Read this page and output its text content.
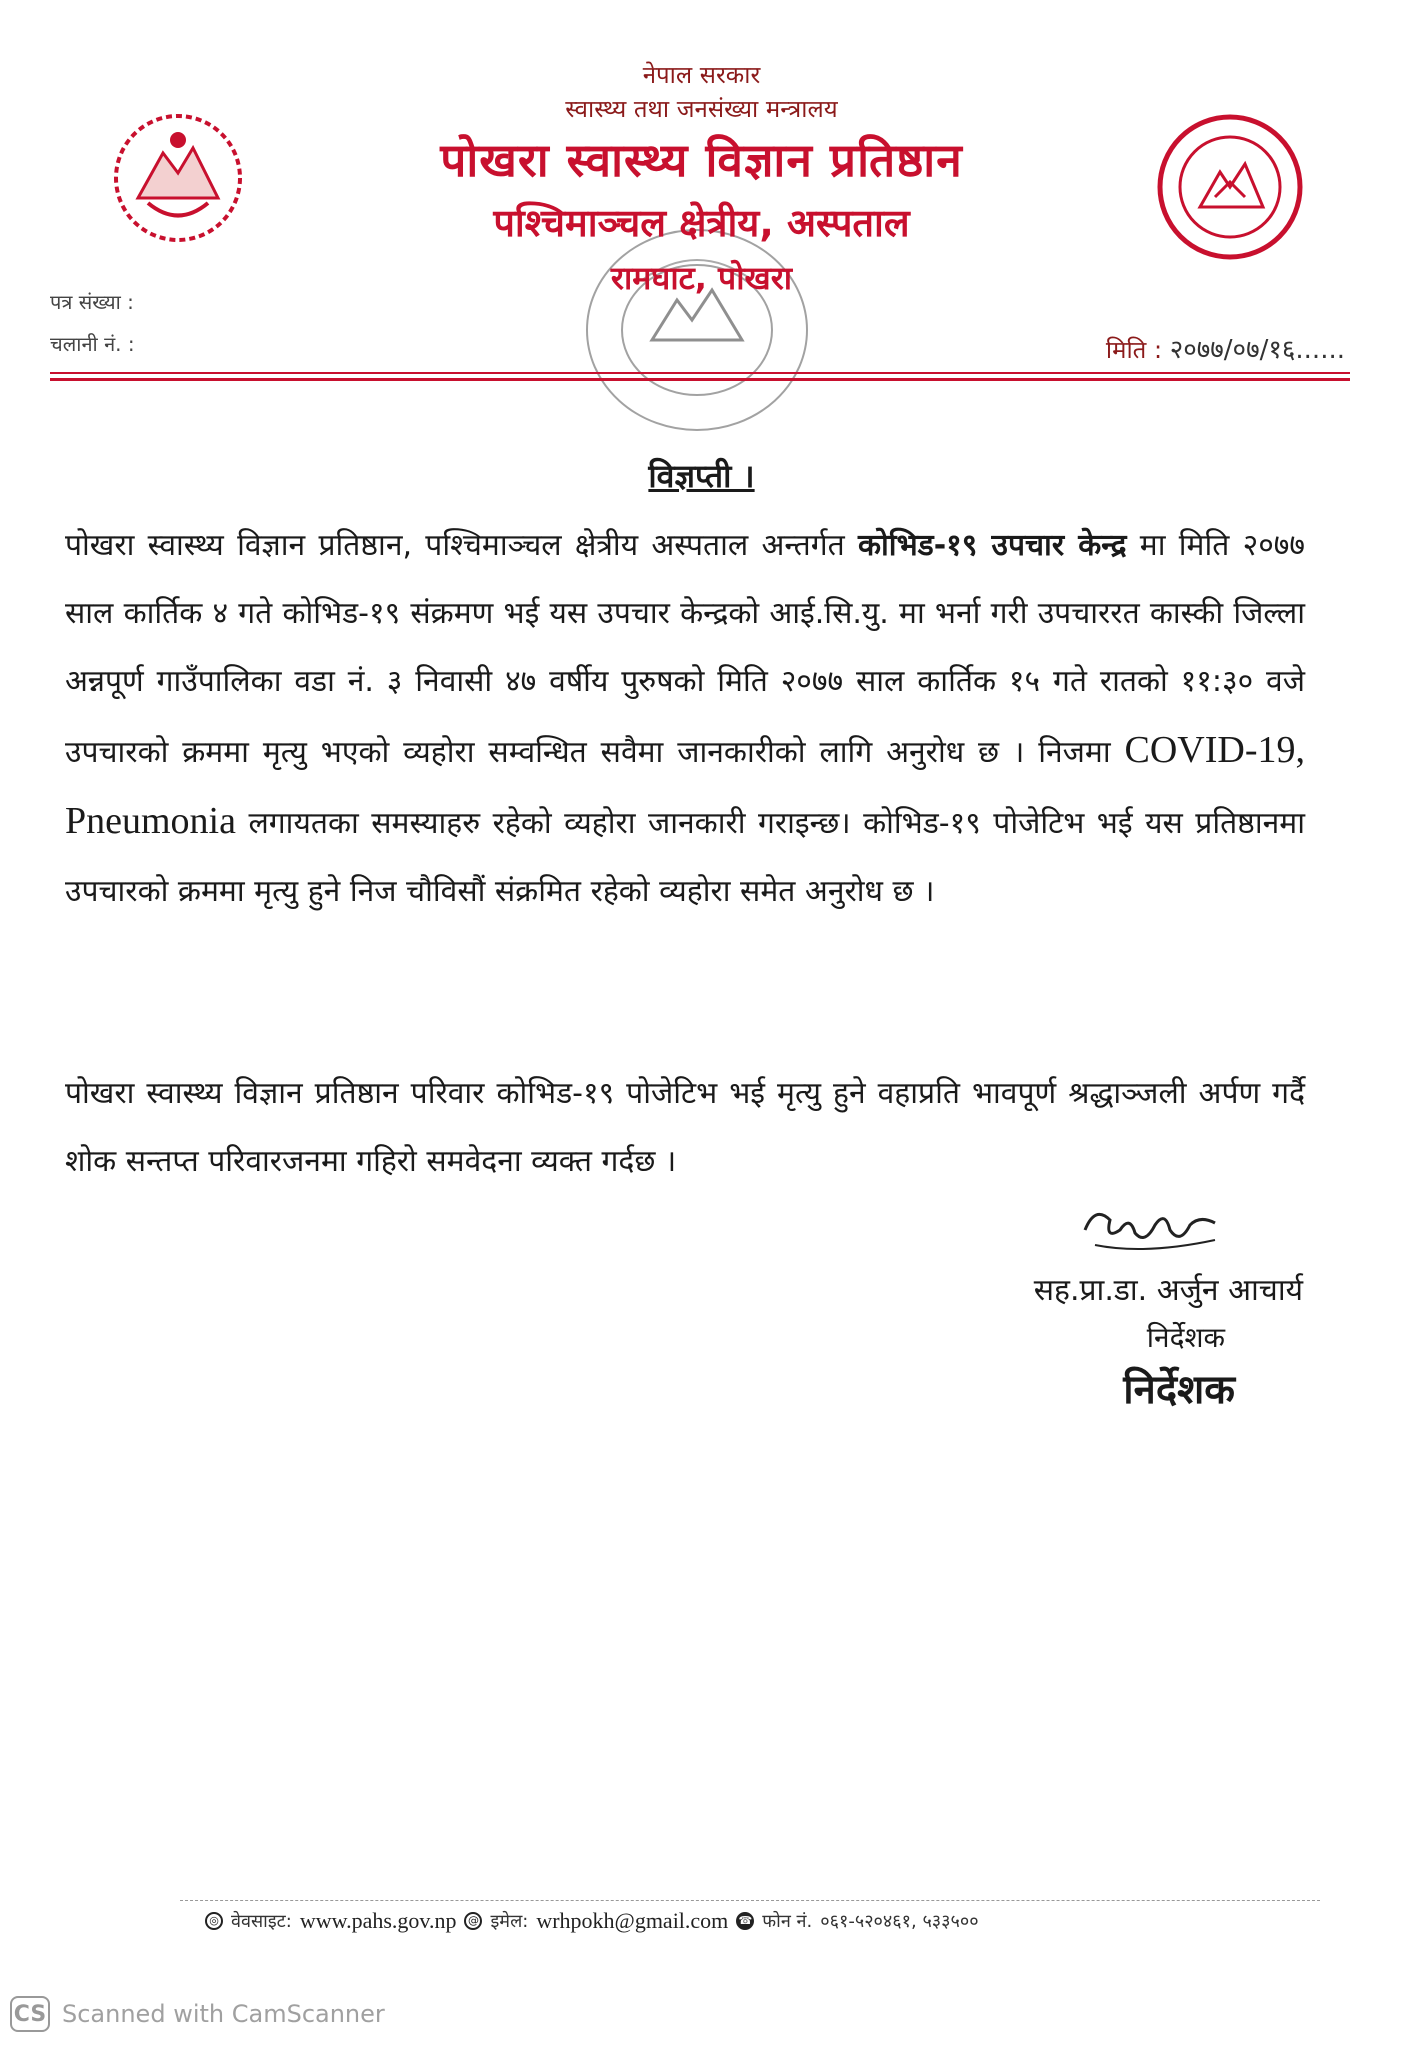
नेपाल सरकार
स्वास्थ्य तथा जनसंख्या मन्त्रालय
पोखरा स्वास्थ्य विज्ञान प्रतिष्ठान
पश्चिमाञ्चल क्षेत्रीय, अस्पताल
रामघाट, पोखरा
पत्र संख्या :
चलानी नं. :	मिति : २०७७/०७/१६......
विज्ञप्ती ।
पोखरा स्वास्थ्य विज्ञान प्रतिष्ठान, पश्चिमाञ्चल क्षेत्रीय अस्पताल अन्तर्गत कोभिड-१९ उपचार केन्द्र मा मिति २०७७ साल कार्तिक ४ गते कोभिड-१९ संक्रमण भई यस उपचार केन्द्रको आई.सि.यु. मा भर्ना गरी उपचाररत कास्की जिल्ला अन्नपूर्ण गाउँपालिका वडा नं. ३ निवासी ४७ वर्षीय पुरुषको मिति २०७७ साल कार्तिक १५ गते रातको ११:३० वजे उपचारको क्रममा मृत्यु भएको व्यहोरा सम्वन्धित सवैमा जानकारीको लागि अनुरोध छ । निजमा COVID-19, Pneumonia लगायतका समस्याहरु रहेको व्यहोरा जानकारी गराइन्छ। कोभिड-१९ पोजेटिभ भई यस प्रतिष्ठानमा उपचारको क्रममा मृत्यु हुने निज चौविसौं संक्रमित रहेको व्यहोरा समेत अनुरोध छ ।
पोखरा स्वास्थ्य विज्ञान प्रतिष्ठान परिवार कोभिड-१९ पोजेटिभ भई मृत्यु हुने वहाप्रति भावपूर्ण श्रद्धाञ्जली अर्पण गर्दै शोक सन्तप्त परिवारजनमा गहिरो समवेदना व्यक्त गर्दछ ।
सह.प्रा.डा. अर्जुन आचार्य
निर्देशक
निर्देशक
◎ वेवसाइट: www.pahs.gov.np	@ इमेल: wrhpokh@gmail.com ☎ फोन नं. ०६१-५२०४६१, ५३३५००
CS Scanned with CamScanner
